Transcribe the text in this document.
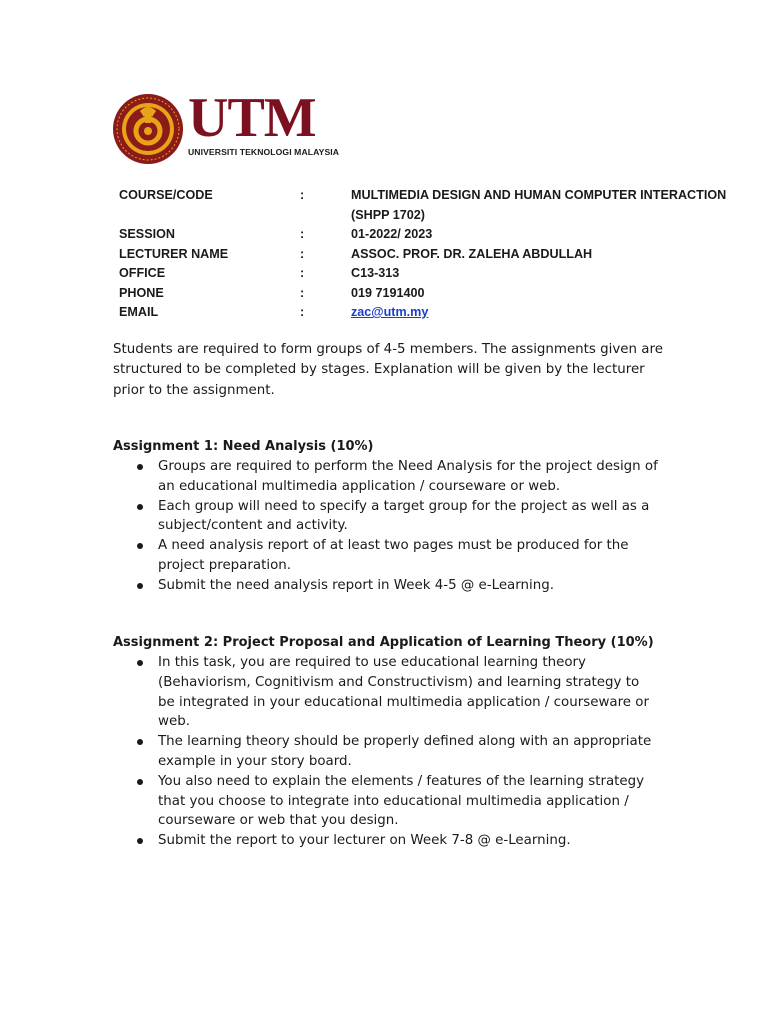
UTM
UNIVERSITI TEKNOLOGI MALAYSIA
COURSE/CODE	:	MULTIMEDIA DESIGN AND HUMAN COMPUTER INTERACTION
(SHPP 1702)
SESSION	:	01-2022/ 2023
LECTURER NAME	:	ASSOC. PROF. DR. ZALEHA ABDULLAH
OFFICE	:	C13-313
PHONE	:	019 7191400
EMAIL	:	zac@utm.my

Students are required to form groups of 4-5 members. The assignments given are structured to be completed by stages. Explanation will be given by the lecturer prior to the assignment.

Assignment 1: Need Analysis (10%)
Groups are required to perform the Need Analysis for the project design of an educational multimedia application / courseware or web.
Each group will need to specify a target group for the project as well as a subject/content and activity.
A need analysis report of at least two pages must be produced for the project preparation.
Submit the need analysis report in Week 4-5 @ e-Learning.
Assignment 2: Project Proposal and Application of Learning Theory (10%)
In this task, you are required to use educational learning theory (Behaviorism, Cognitivism and Constructivism) and learning strategy to be integrated in your educational multimedia application / courseware or web.
The learning theory should be properly defined along with an appropriate example in your story board.
You also need to explain the elements / features of the learning strategy that you choose to integrate into educational multimedia application / courseware or web that you design.
Submit the report to your lecturer on Week 7-8 @ e-Learning.
